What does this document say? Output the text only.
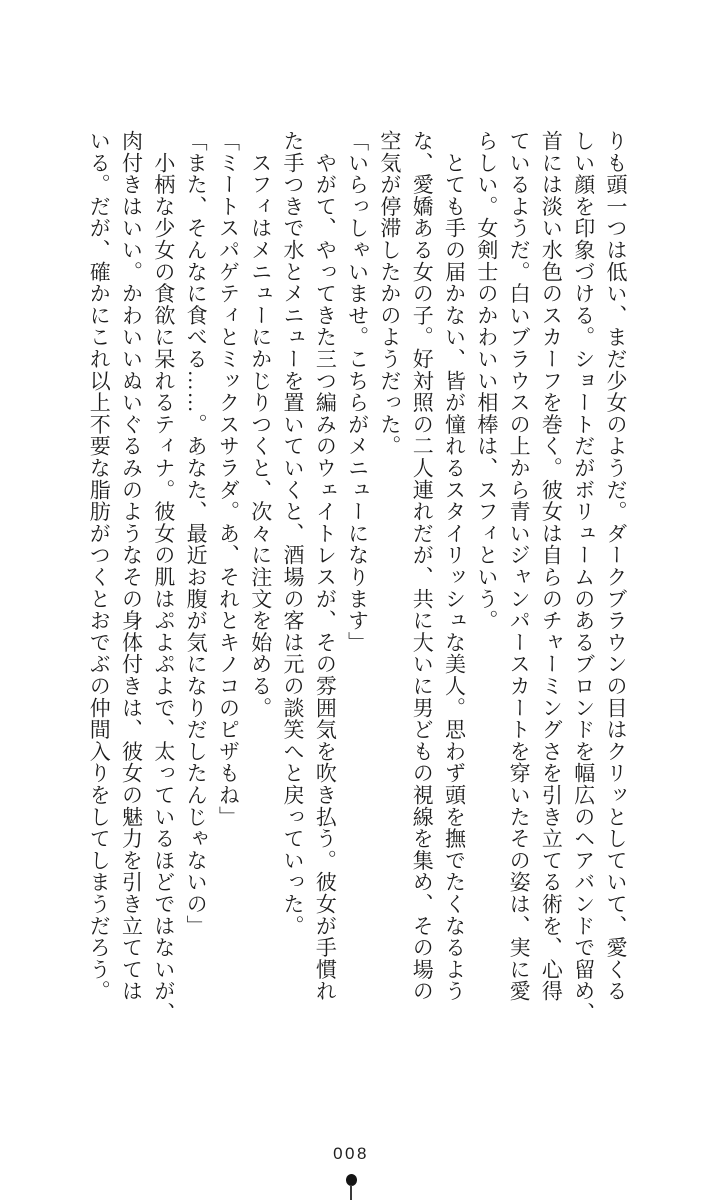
りも頭一つは低い、まだ少女のようだ。ダークブラウンの目はクリッとしていて、愛くる

しい顔を印象づける。ショートだがボリュームのあるブロンドを幅広のヘアバンドで留め、

首には淡い水色のスカーフを巻く。彼女は自らのチャーミングさを引き立てる術を、心得

ているようだ。白いブラウスの上から青いジャンパースカートを穿いたその姿は、実に愛

らしい。女剣士のかわいい相棒は、スフィという。

　とても手の届かない、皆が憧れるスタイリッシュな美人。思わず頭を撫でたくなるよう

な、愛嬌ある女の子。好対照の二人連れだが、共に大いに男どもの視線を集め、その場の

空気が停滞したかのようだった。

「いらっしゃいませ。こちらがメニューになります」

　やがて、やってきた三つ編みのウェイトレスが、その雰囲気を吹き払う。彼女が手慣れ

た手つきで水とメニューを置いていくと、酒場の客は元の談笑へと戻っていった。

　スフィはメニューにかじりつくと、次々に注文を始める。

「ミートスパゲティとミックスサラダ。あ、それとキノコのピザもね」

「また、そんなに食べる……。あなた、最近お腹が気になりだしたんじゃないの」

　小柄な少女の食欲に呆れるティナ。彼女の肌はぷよぷよで、太っているほどではないが、

肉付きはいい。かわいいぬいぐるみのようなその身体付きは、彼女の魅力を引き立てては

いる。だが、確かにこれ以上不要な脂肪がつくとおでぶの仲間入りをしてしまうだろう。

008
